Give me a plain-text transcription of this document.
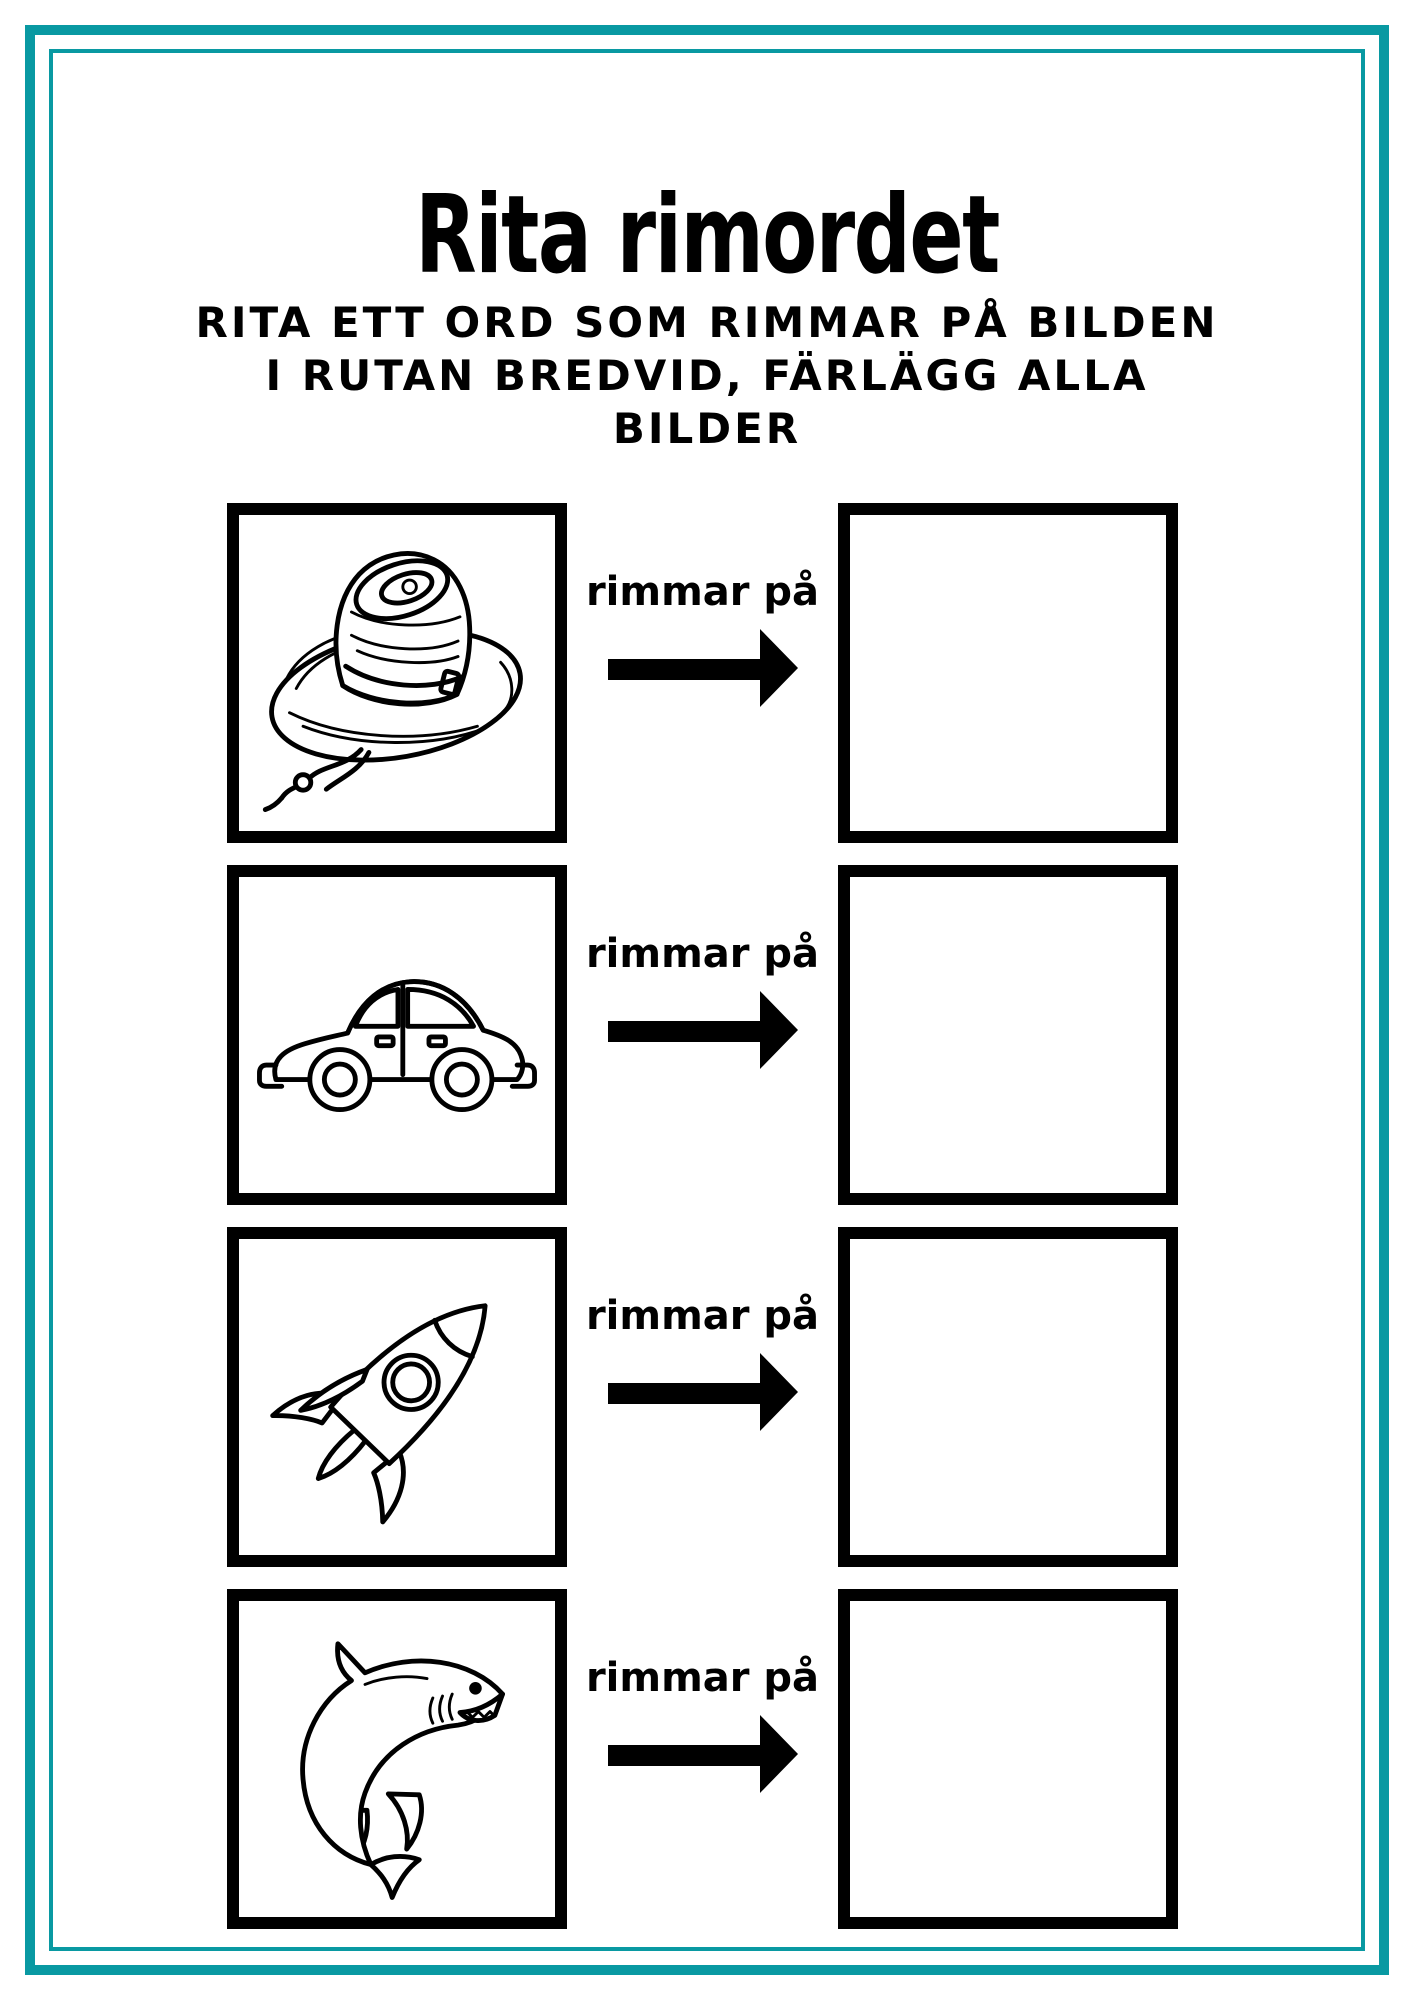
Rita rimordet
RITA ETT ORD SOM RIMMAR PÅ BILDEN
I RUTAN BREDVID, FÄRLÄGG ALLA
BILDER
rimmar på
rimmar på
rimmar på
rimmar på
